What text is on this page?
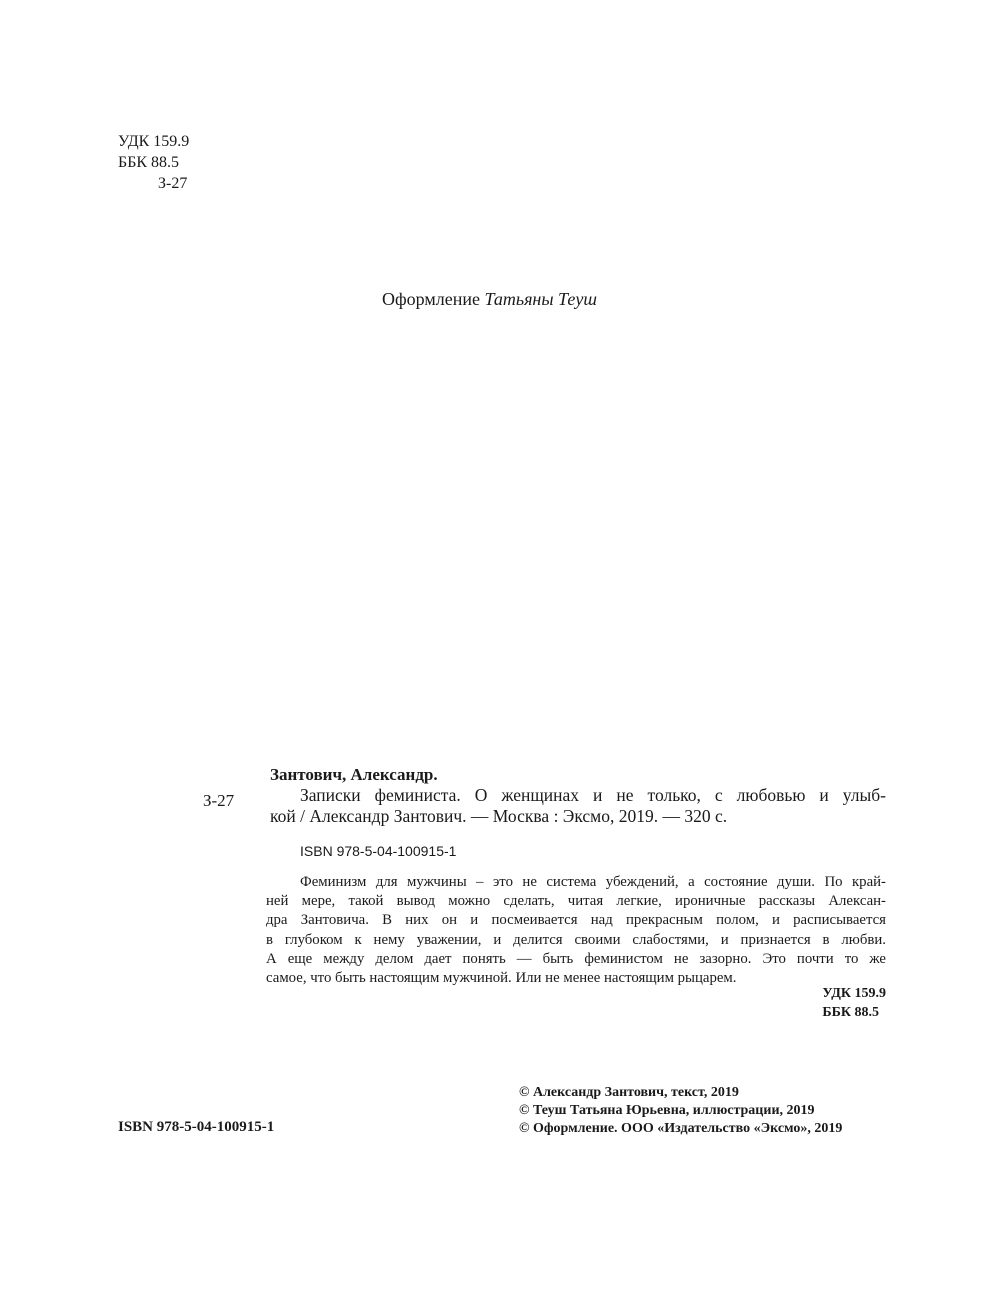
УДК 159.9
ББК 88.5
З-27

Оформление Татьяны Теуш

З-27
Зантович, Александр.
Записки феминиста. О женщинах и не только, с любовью и улыб-
кой / Александр Зантович. — Москва : Эксмо, 2019. — 320 с.
ISBN 978-5-04-100915-1

Феминизм для мужчины – это не система убеждений, а состояние души. По край-

ней мере, такой вывод можно сделать, читая легкие, ироничные рассказы Алексан-

дра Зантовича. В них он и посмеивается над прекрасным полом, и расписывается

в глубоком к нему уважении, и делится своими слабостями, и признается в любви.

А еще между делом дает понять — быть феминистом не зазорно. Это почти то же

самое, что быть настоящим мужчиной. Или не менее настоящим рыцарем.

УДК 159.9
ББК 88.5
ISBN 978-5-04-100915-1
© Александр Зантович, текст, 2019
© Теуш Татьяна Юрьевна, иллюстрации, 2019
© Оформление. ООО «Издательство «Эксмо», 2019
